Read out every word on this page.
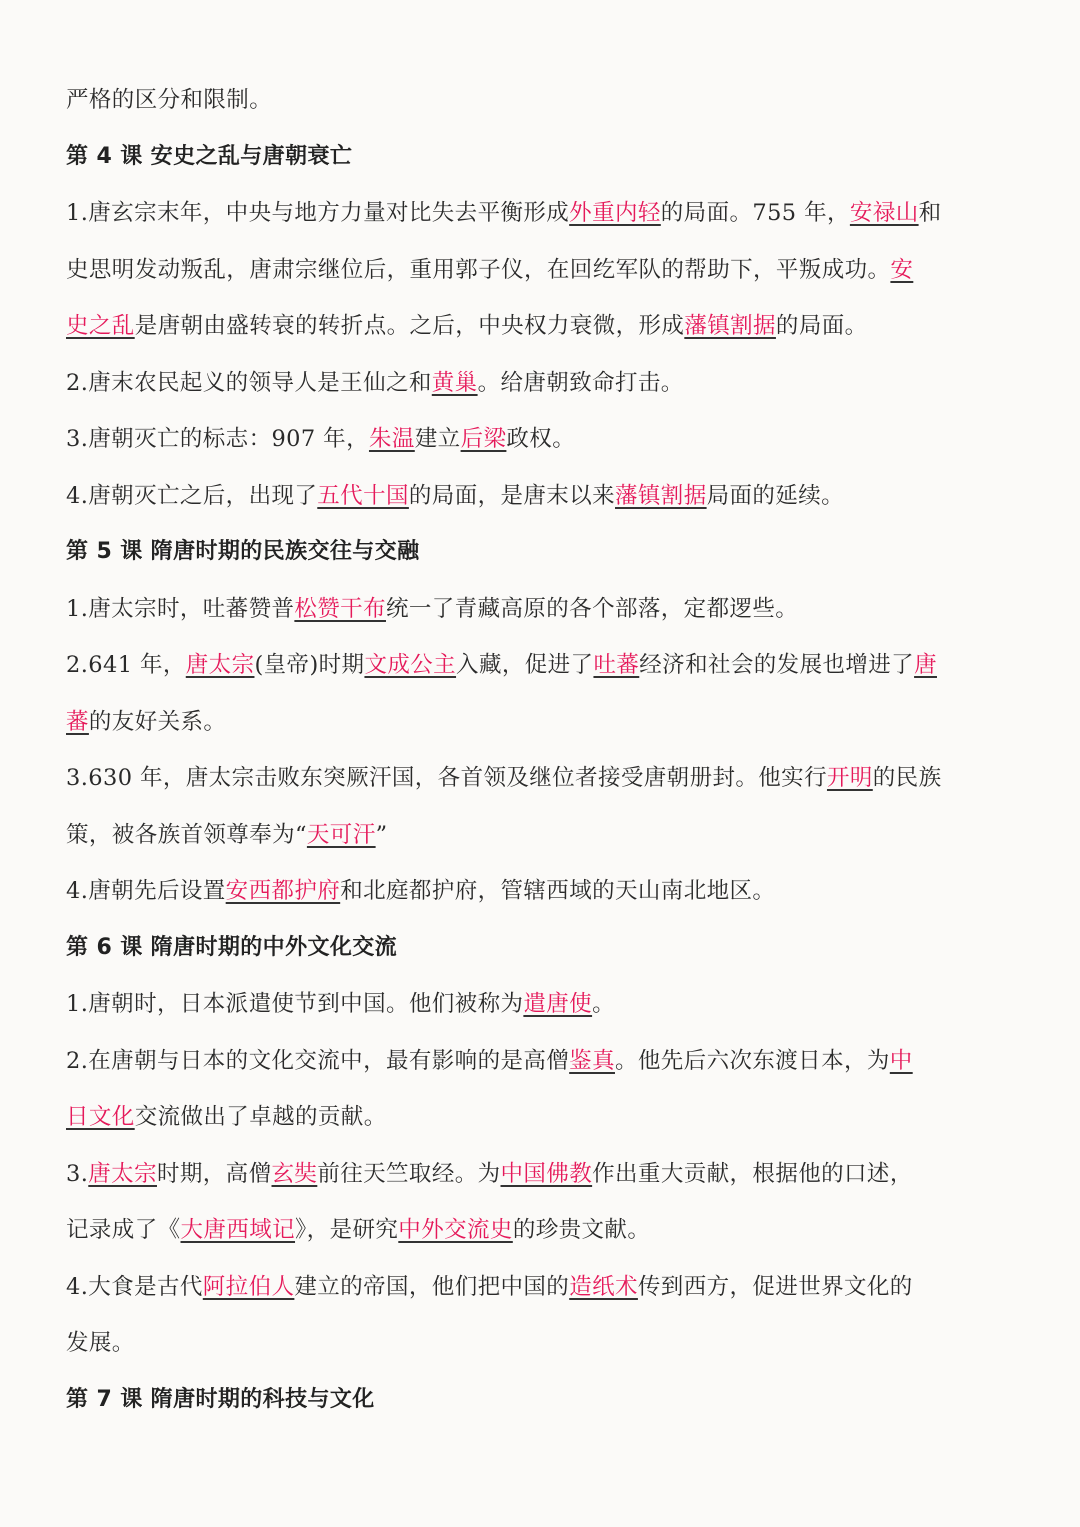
严格的区分和限制。
第 4 课 安史之乱与唐朝衰亡
1.唐玄宗末年，中央与地方力量对比失去平衡形成外重内轻的局面。755 年，安禄山和
史思明发动叛乱，唐肃宗继位后，重用郭子仪，在回纥军队的帮助下，平叛成功。安
史之乱是唐朝由盛转衰的转折点。之后，中央权力衰微，形成藩镇割据的局面。
2.唐末农民起义的领导人是王仙之和黄巢。给唐朝致命打击。
3.唐朝灭亡的标志：907 年，朱温建立后梁政权。
4.唐朝灭亡之后，出现了五代十国的局面，是唐末以来藩镇割据局面的延续。
第 5 课 隋唐时期的民族交往与交融
1.唐太宗时，吐蕃赞普松赞干布统一了青藏高原的各个部落，定都逻些。
2.641 年，唐太宗(皇帝)时期文成公主入藏，促进了吐蕃经济和社会的发展也增进了唐
蕃的友好关系。
3.630 年，唐太宗击败东突厥汗国，各首领及继位者接受唐朝册封。他实行开明的民族
策，被各族首领尊奉为“天可汗”
4.唐朝先后设置安西都护府和北庭都护府，管辖西域的天山南北地区。
第 6 课 隋唐时期的中外文化交流
1.唐朝时，日本派遣使节到中国。他们被称为遣唐使。
2.在唐朝与日本的文化交流中，最有影响的是高僧鉴真。他先后六次东渡日本，为中
日文化交流做出了卓越的贡献。
3.唐太宗时期，高僧玄奘前往天竺取经。为中国佛教作出重大贡献，根据他的口述，
记录成了《大唐西域记》，是研究中外交流史的珍贵文献。
4.大食是古代阿拉伯人建立的帝国，他们把中国的造纸术传到西方，促进世界文化的
发展。
第 7 课 隋唐时期的科技与文化
